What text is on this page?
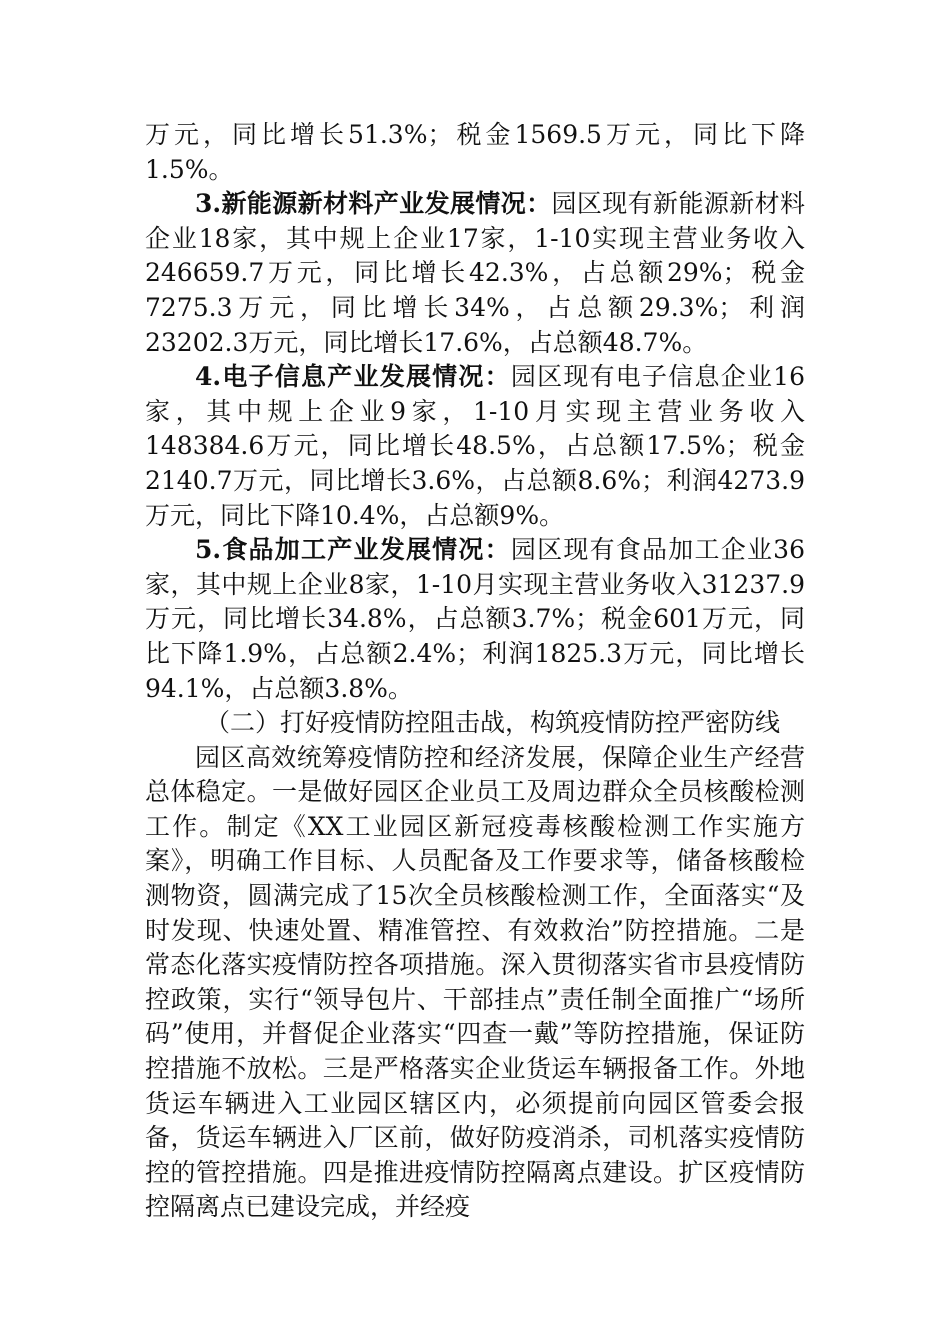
万元，同比增长51.3%；税金1569.5万元，同比下降1.5%。

3.新能源新材料产业发展情况：园区现有新能源新材料企业18家，其中规上企业17家，1-10实现主营业务收入246659.7万元，同比增长42.3%，占总额29%；税金7275.3万元，同比增长34%，占总额29.3%；利润23202.3万元，同比增长17.6%，占总额48.7%。

4.电子信息产业发展情况：园区现有电子信息企业16家，其中规上企业9家，1-10月实现主营业务收入148384.6万元，同比增长48.5%，占总额17.5%；税金2140.7万元，同比增长3.6%，占总额8.6%；利润4273.9万元，同比下降10.4%，占总额9%。

5.食品加工产业发展情况：园区现有食品加工企业36家，其中规上企业8家，1-10月实现主营业务收入31237.9万元，同比增长34.8%，占总额3.7%；税金601万元，同比下降1.9%，占总额2.4%；利润1825.3万元，同比增长94.1%，占总额3.8%。

（二）打好疫情防控阻击战，构筑疫情防控严密防线

园区高效统筹疫情防控和经济发展，保障企业生产经营总体稳定。一是做好园区企业员工及周边群众全员核酸检测工作。制定《XX工业园区新冠疫毒核酸检测工作实施方案》，明确工作目标、人员配备及工作要求等，储备核酸检测物资，圆满完成了15次全员核酸检测工作，全面落实“及时发现、快速处置、精准管控、有效救治”防控措施。二是常态化落实疫情防控各项措施。深入贯彻落实省市县疫情防控政策，实行“领导包片、干部挂点”责任制全面推广“场所码”使用，并督促企业落实“四查一戴”等防控措施，保证防控措施不放松。三是严格落实企业货运车辆报备工作。外地货运车辆进入工业园区辖区内，必须提前向园区管委会报备，货运车辆进入厂区前，做好防疫消杀，司机落实疫情防控的管控措施。四是推进疫情防控隔离点建设。扩区疫情防控隔离点已建设完成，并经疫
